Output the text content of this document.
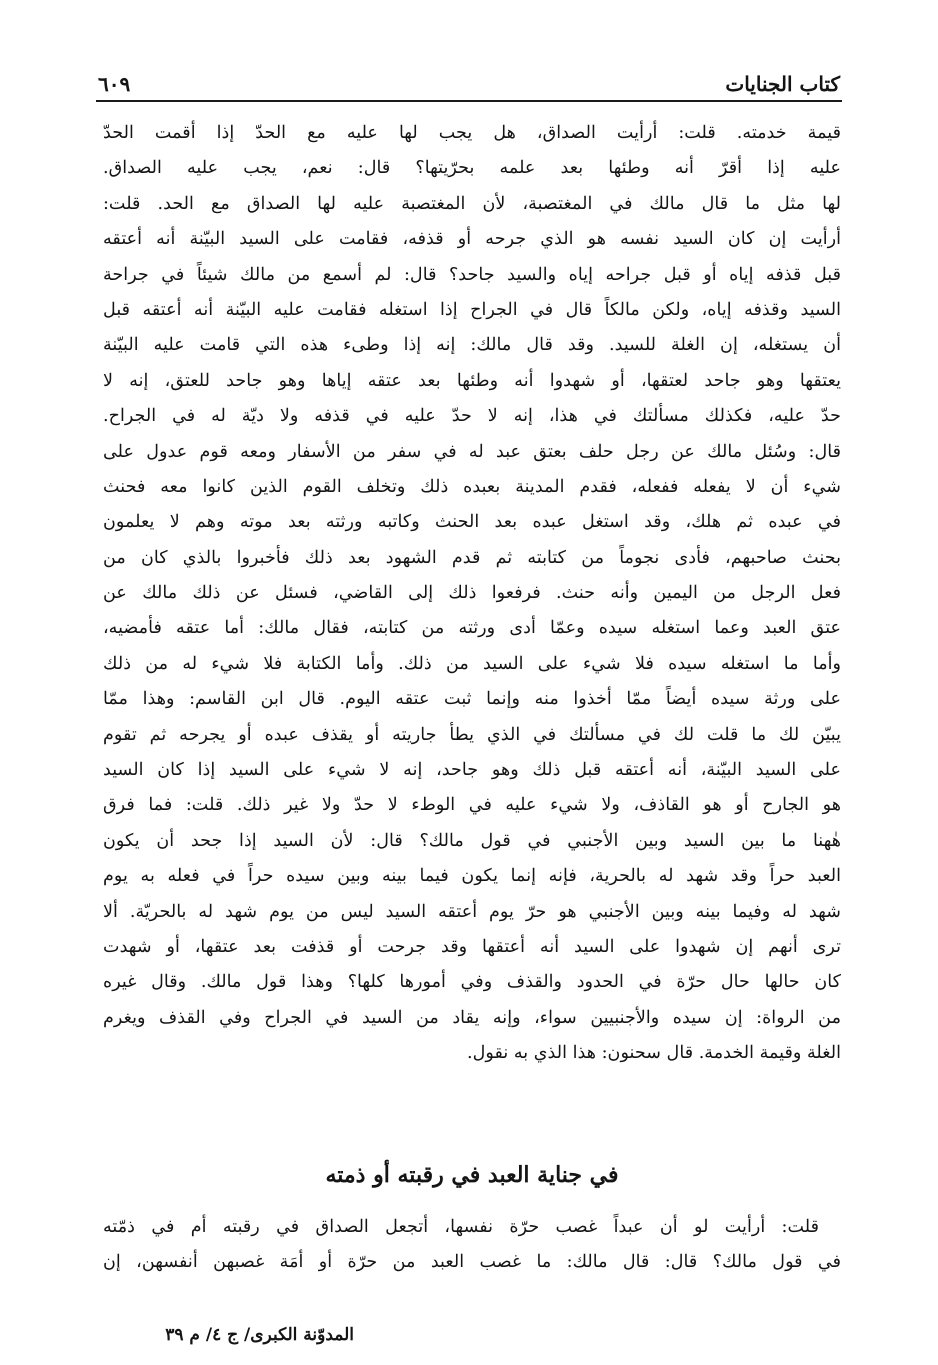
كتاب الجنايات
٦٠٩
قيمة خدمته. قلت: أرأيت الصداق، هل يجب لها عليه مع الحدّ إذا أقمت الحدّ
عليه إذا أقرّ أنه وطئها بعد علمه بحرّيتها؟ قال: نعم، يجب عليه الصداق.
لها مثل ما قال مالك في المغتصبة، لأن المغتصبة عليه لها الصداق مع الحد. قلت:
أرأيت إن كان السيد نفسه هو الذي جرحه أو قذفه، فقامت على السيد البيّنة أنه أعتقه
قبل قذفه إياه أو قبل جراحه إياه والسيد جاحد؟ قال: لم أسمع من مالك شيئاً في جراحة
السيد وقذفه إياه، ولكن مالكاً قال في الجراح إذا استغله فقامت عليه البيّنة أنه أعتقه قبل
أن يستغله، إن الغلة للسيد. وقد قال مالك: إنه إذا وطىء هذه التي قامت عليه البيّنة
يعتقها وهو جاحد لعتقها، أو شهدوا أنه وطئها بعد عتقه إياها وهو جاحد للعتق، إنه لا
حدّ عليه، فكذلك مسألتك في هذا، إنه لا حدّ عليه في قذفه ولا ديّة له في الجراح.
قال: وسُئل مالك عن رجل حلف بعتق عبد له في سفر من الأسفار ومعه قوم عدول على
شيء أن لا يفعله ففعله، فقدم المدينة بعبده ذلك وتخلف القوم الذين كانوا معه فحنث
في عبده ثم هلك، وقد استغل عبده بعد الحنث وكاتبه ورثته بعد موته وهم لا يعلمون
بحنث صاحبهم، فأدى نجوماً من كتابته ثم قدم الشهود بعد ذلك فأخبروا بالذي كان من
فعل الرجل من اليمين وأنه حنث. فرفعوا ذلك إلى القاضي، فسئل عن ذلك مالك عن
عتق العبد وعما استغله سيده وعمّا أدى ورثته من كتابته، فقال مالك: أما عتقه فأمضيه،
وأما ما استغله سيده فلا شيء على السيد من ذلك. وأما الكتابة فلا شيء له من ذلك
على ورثة سيده أيضاً ممّا أخذوا منه وإنما ثبت عتقه اليوم. قال ابن القاسم: وهذا ممّا
يبيّن لك ما قلت لك في مسألتك في الذي يطأ جاريته أو يقذف عبده أو يجرحه ثم تقوم
على السيد البيّنة، أنه أعتقه قبل ذلك وهو جاحد، إنه لا شيء على السيد إذا كان السيد
هو الجارح أو هو القاذف، ولا شيء عليه في الوطء لا حدّ ولا غير ذلك. قلت: فما فرق
هٰهنا ما بين السيد وبين الأجنبي في قول مالك؟ قال: لأن السيد إذا جحد أن يكون
العبد حراً وقد شهد له بالحرية، فإنه إنما يكون فيما بينه وبين سيده حراً في فعله به يوم
شهد له وفيما بينه وبين الأجنبي هو حرّ يوم أعتقه السيد ليس من يوم شهد له بالحريّة. ألا
ترى أنهم إن شهدوا على السيد أنه أعتقها وقد جرحت أو قذفت بعد عتقها، أو شهدت
كان حالها حال حرّة في الحدود والقذف وفي أمورها كلها؟ وهذا قول مالك. وقال غيره
من الرواة: إن سيده والأجنبيين سواء، وإنه يقاد من السيد في الجراح وفي القذف ويغرم
الغلة وقيمة الخدمة. قال سحنون: هذا الذي به نقول.
في جناية العبد في رقبته أو ذمته
قلت: أرأيت لو أن عبداً غصب حرّة نفسها، أتجعل الصداق في رقبته أم في ذمّته
في قول مالك؟ قال: قال مالك: ما غصب العبد من حرّة أو أمَة غصبهن أنفسهن، إن
المدوّنة الكبرى/ ج ٤/ م ٣٩
